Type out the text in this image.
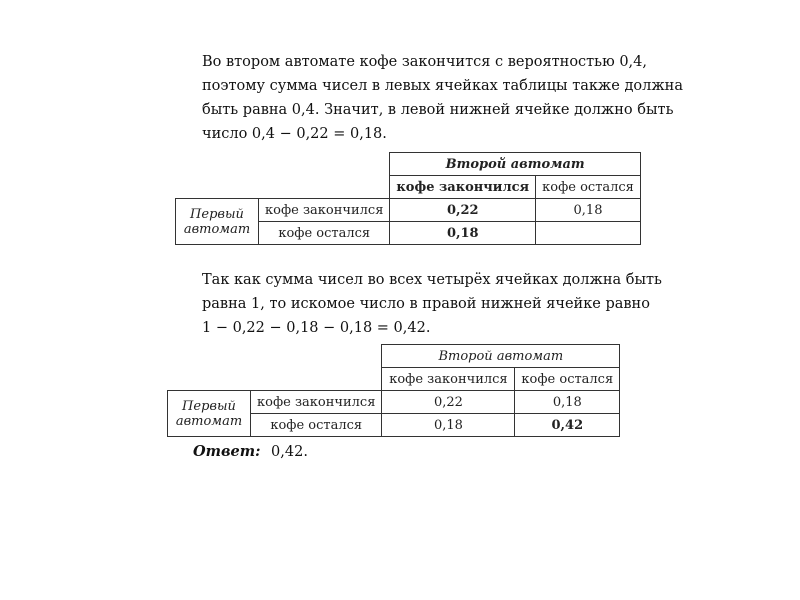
Во втором автомате кофе закончится с вероятностью 0,4,
поэтому сумма чисел в левых ячейках таблицы также должна
быть равна 0,4. Значит, в левой нижней ячейке должно быть
число 0,4 − 0,22 = 0,18.
		Второй автомат	
		кофе закончился	кофе остался
Первый
автомат	кофе закончился	0,22	0,18
	кофе остался	0,18	
Так как сумма чисел во всех четырёх ячейках должна быть
равна 1, то искомое число в правой нижней ячейке равно
1 − 0,22 − 0,18 − 0,18 = 0,42.
		Второй автомат	
		кофе закончился	кофе остался
Первый
автомат	кофе закончился	0,22	0,18
	кофе остался	0,18	0,42
Ответ: 0,42.
